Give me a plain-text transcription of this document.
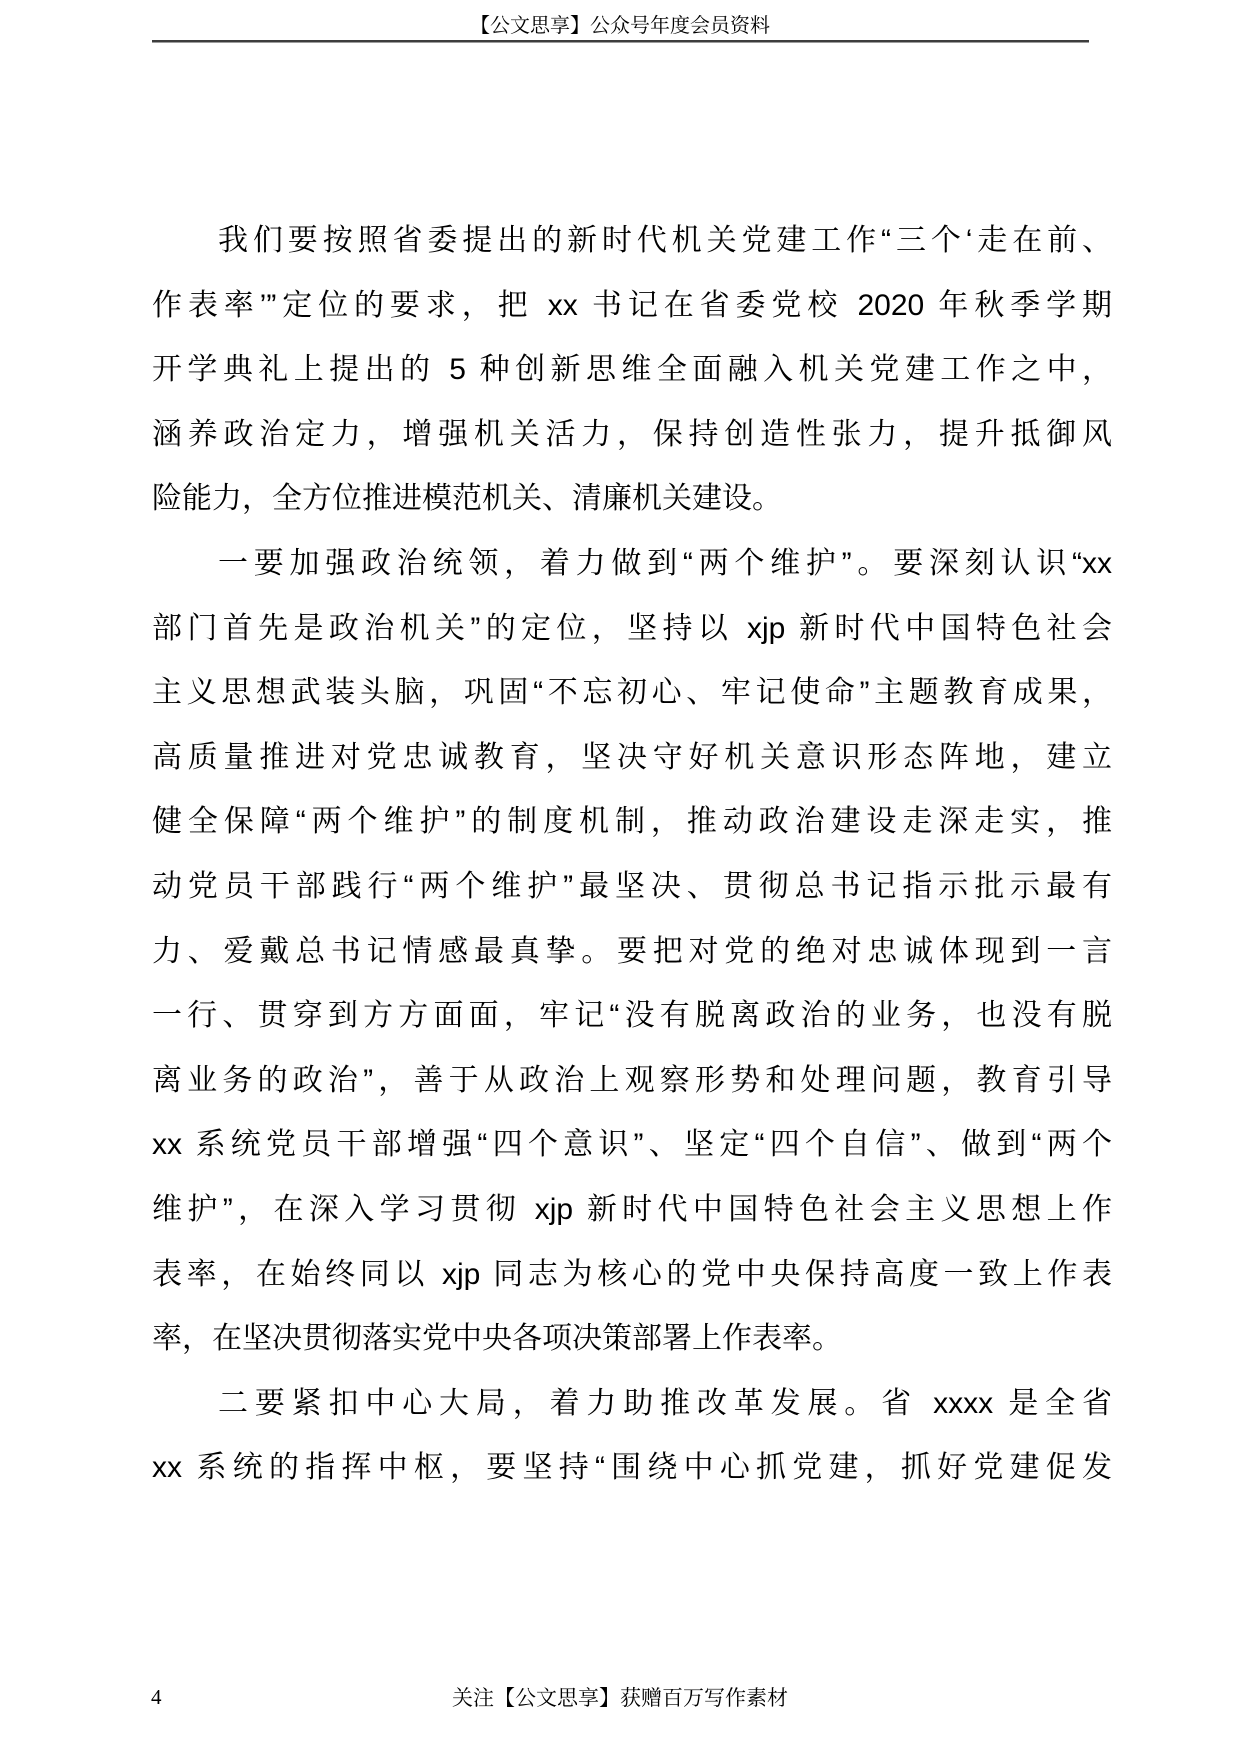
【公文思享】公众号年度会员资料
我们要按照省委提出的新时代机关党建工作“三个‘走在前、
作表率’”定位的要求，把 xx 书记在省委党校 2020 年秋季学期
开学典礼上提出的 5 种创新思维全面融入机关党建工作之中，
涵养政治定力，增强机关活力，保持创造性张力，提升抵御风
险能力，全方位推进模范机关、清廉机关建设。
一要加强政治统领，着力做到“两个维护”。要深刻认识“xx
部门首先是政治机关”的定位，坚持以 xjp 新时代中国特色社会
主义思想武装头脑，巩固“不忘初心、牢记使命”主题教育成果，
高质量推进对党忠诚教育，坚决守好机关意识形态阵地，建立
健全保障“两个维护”的制度机制，推动政治建设走深走实，推
动党员干部践行“两个维护”最坚决、贯彻总书记指示批示最有
力、爱戴总书记情感最真挚。要把对党的绝对忠诚体现到一言
一行、贯穿到方方面面，牢记“没有脱离政治的业务，也没有脱
离业务的政治”，善于从政治上观察形势和处理问题，教育引导
xx 系统党员干部增强“四个意识”、坚定“四个自信”、做到“两个
维护”，在深入学习贯彻 xjp 新时代中国特色社会主义思想上作
表率，在始终同以 xjp 同志为核心的党中央保持高度一致上作表
率，在坚决贯彻落实党中央各项决策部署上作表率。
二要紧扣中心大局，着力助推改革发展。省 xxxx 是全省
xx 系统的指挥中枢，要坚持“围绕中心抓党建，抓好党建促发
4	关注【公文思享】获赠百万写作素材
